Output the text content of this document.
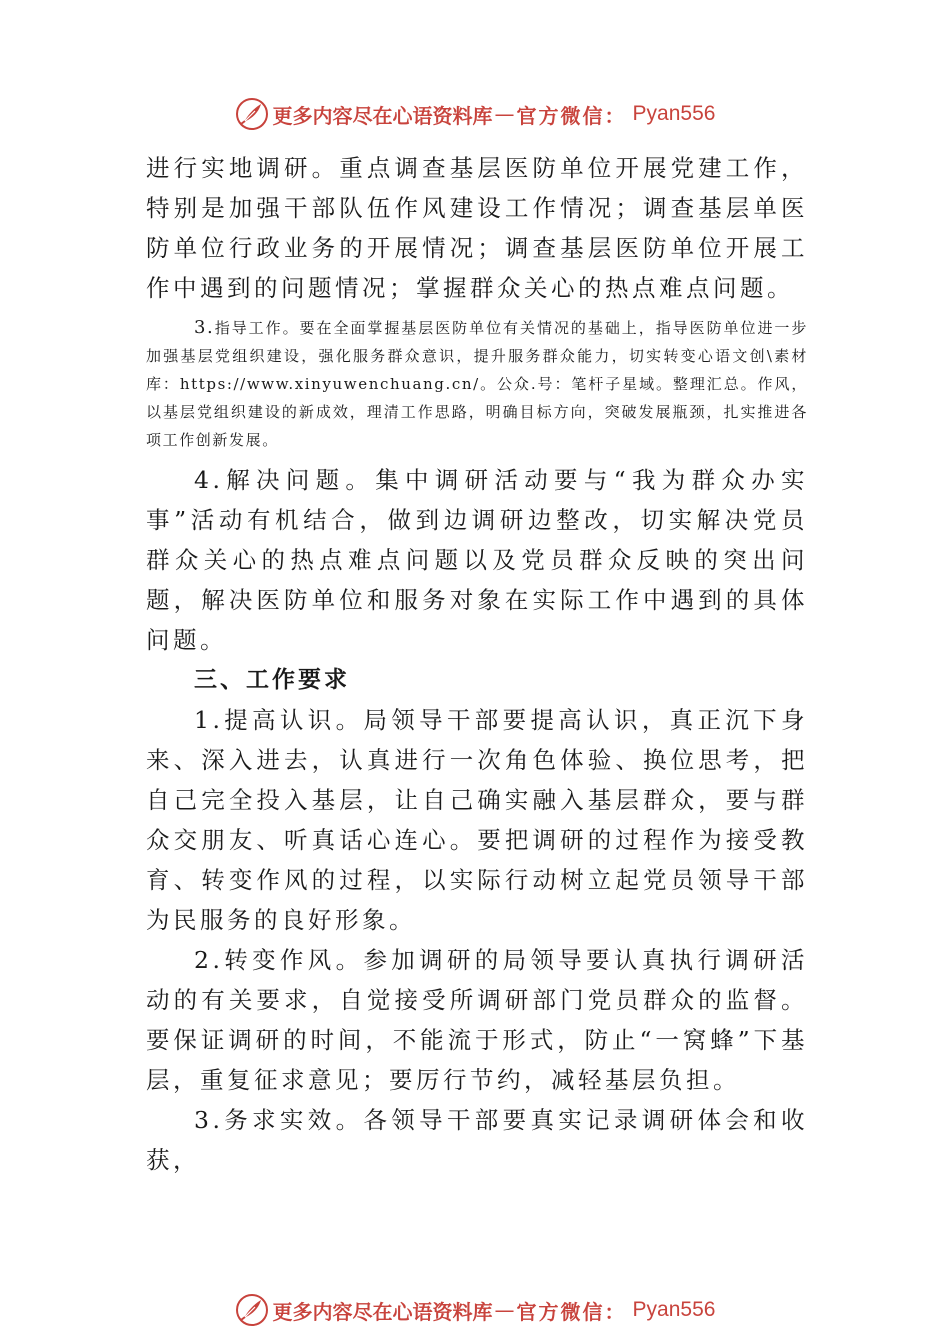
更多内容尽在心语资料库 — 官方微信： Pyan556

进行实地调研。重点调查基层医防单位开展党建工作，特别是加强干部队伍作风建设工作情况；调查基层单医防单位行政业务的开展情况；调查基层医防单位开展工作中遇到的问题情况；掌握群众关心的热点难点问题。

3.指导工作。要在全面掌握基层医防单位有关情况的基础上，指导医防单位进一步加强基层党组织建设，强化服务群众意识，提升服务群众能力，切实转变心语文创\素材库：https://www.xinyuwenchuang.cn/。公众.号：笔杆子星域。整理汇总。作风，以基层党组织建设的新成效，理清工作思路，明确目标方向，突破发展瓶颈，扎实推进各项工作创新发展。

4.解决问题。集中调研活动要与“我为群众办实事”活动有机结合，做到边调研边整改，切实解决党员群众关心的热点难点问题以及党员群众反映的突出问题，解决医防单位和服务对象在实际工作中遇到的具体问题。

三、工作要求

1.提高认识。局领导干部要提高认识，真正沉下身来、深入进去，认真进行一次角色体验、换位思考，把自己完全投入基层，让自己确实融入基层群众，要与群众交朋友、听真话心连心。要把调研的过程作为接受教育、转变作风的过程，以实际行动树立起党员领导干部为民服务的良好形象。

2.转变作风。参加调研的局领导要认真执行调研活动的有关要求，自觉接受所调研部门党员群众的监督。要保证调研的时间，不能流于形式，防止“一窝蜂”下基层，重复征求意见；要厉行节约，减轻基层负担。

3.务求实效。各领导干部要真实记录调研体会和收获，

更多内容尽在心语资料库 — 官方微信： Pyan556
